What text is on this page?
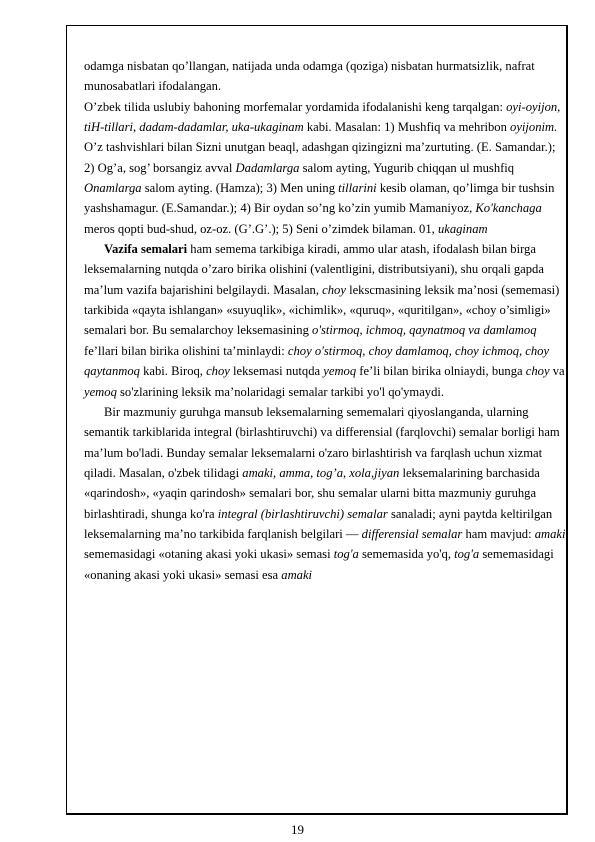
odamga nisbatan qo’llangan, natijada unda odamga (qoziga) nisbatan hurmatsizlik, nafrat munosabatlari ifodalangan.

O’zbek tilida uslubiy bahoning morfemalar yordamida ifodalanishi keng tarqalgan: oyi-oyijon, tiH-tillari, dadam-dadamlar, uka-ukaginam kabi. Masalan: 1) Mushfiq va mehribon oyijonim. O’z tashvishlari bilan Sizni unutgan beaql, adashgan qizingizni ma’zurtuting. (E. Samandar.); 2) Og’a, sog’ borsangiz avval Dadamlarga salom ayting, Yugurib chiqqan ul mushfiq Onamlarga salom ayting. (Hamza); 3) Men uning tillarini kesib olaman, qo’limga bir tushsin yashshamagur. (E.Samandar.); 4) Bir oydan so’ng ko’zin yumib Mamaniyoz, Ko'kanchaga meros qopti bud-shud, oz-oz. (G’.G’.); 5) Seni o’zimdek bilaman. 01, ukaginam

Vazifa semalari ham semema tarkibiga kiradi, ammo ular atash, ifodalash bilan birga leksemalarning nutqda o’zaro birika olishini (valentligini, distributsiyani), shu orqali gapda ma’lum vazifa bajarishini belgilaydi. Masalan, choy lekscmasining leksik ma’nosi (sememasi) tarkibida «qayta ishlangan» «suyuqlik», «ichimlik», «quruq», «quritilgan», «choy o’simligi» semalari bor. Bu semalarchoy leksemasining o'stirmoq, ichmoq, qaynatmoq va damlamoq fe’llari bilan birika olishini ta’minlaydi: choy o'stirmoq, choy damlamoq, choy ichmoq, choy qaytanmoq kabi. Biroq, choy leksemasi nutqda yemoq fe’li bilan birika olniaydi, bunga choy va yemoq so'zlarining leksik ma’nolaridagi semalar tarkibi yo'l qo'ymaydi.

Bir mazmuniy guruhga mansub leksemalarning sememalari qiyoslanganda, ularning semantik tarkiblarida integral (birlashtiruvchi) va differensial (farqlovchi) semalar borligi ham ma’lum bo'ladi. Bunday semalar leksemalarni o'zaro birlashtirish va farqlash uchun xizmat qiladi. Masalan, o'zbek tilidagi amaki, amma, tog’a, xola,jiyan leksemalarining barchasida «qarindosh», «yaqin qarindosh» semalari bor, shu semalar ularni bitta mazmuniy guruhga birlashtiradi, shunga ko'ra integral (birlashtiruvchi) semalar sanaladi; ayni paytda keltirilgan leksemalarning ma’no tarkibida farqlanish belgilari — differensial semalar ham mavjud: amaki sememasidagi «otaning akasi yoki ukasi» semasi tog'a sememasida yo'q, tog'a sememasidagi «onaning akasi yoki ukasi» semasi esa amaki

19
